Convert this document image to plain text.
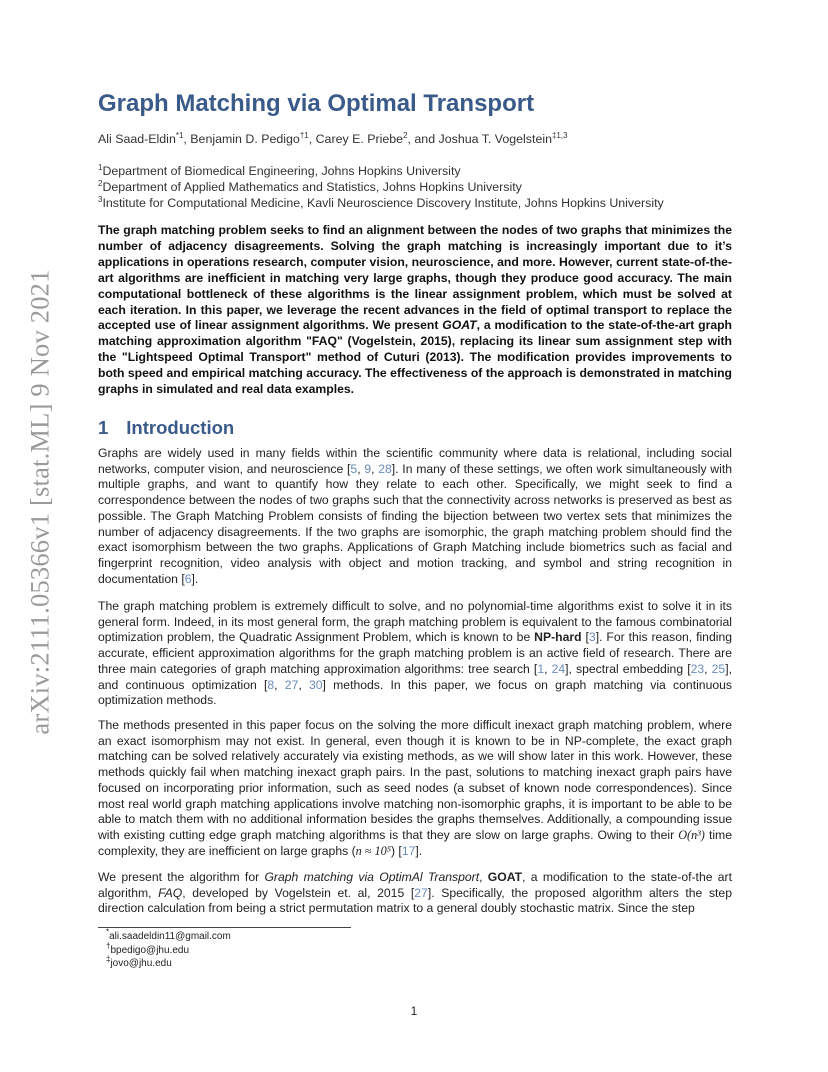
arXiv:2111.05366v1 [stat.ML] 9 Nov 2021
Graph Matching via Optimal Transport
Ali Saad-Eldin$^{*1}$, Benjamin D. Pedigo$^{\dagger 1}$, Carey E. Priebe$^2$, and Joshua T. Vogelstein$^{\ddagger 1,3}$
$^1$Department of Biomedical Engineering, Johns Hopkins University
$^2$Department of Applied Mathematics and Statistics, Johns Hopkins University
$^3$Institute for Computational Medicine, Kavli Neuroscience Discovery Institute, Johns Hopkins University

The graph matching problem seeks to find an alignment between the nodes of two graphs that minimizes the number of adjacency disagreements. Solving the graph matching is increasingly important due to it’s applications in operations research, computer vision, neuroscience, and more. However, current state-of-the-art algorithms are inefficient in matching very large graphs, though they produce good accuracy. The main computational bottleneck of these algorithms is the linear assignment problem, which must be solved at each iteration. In this paper, we leverage the recent advances in the field of optimal transport to replace the accepted use of linear assignment algorithms. We present GOAT, a modification to the state-of-the-art graph matching approximation algorithm "FAQ" (Vogelstein, 2015), replacing its linear sum assignment step with the "Lightspeed Optimal Transport" method of Cuturi (2013). The modification provides improvements to both speed and empirical matching accuracy. The effectiveness of the approach is demonstrated in matching graphs in simulated and real data examples.

1 Introduction

Graphs are widely used in many fields within the scientific community where data is relational, including social networks, computer vision, and neuroscience [5, 9, 28]. In many of these settings, we often work simultaneously with multiple graphs, and want to quantify how they relate to each other. Specifically, we might seek to find a correspondence between the nodes of two graphs such that the connectivity across networks is preserved as best as possible. The Graph Matching Problem consists of finding the bijection between two vertex sets that minimizes the number of adjacency disagreements. If the two graphs are isomorphic, the graph matching problem should find the exact isomorphism between the two graphs. Applications of Graph Matching include biometrics such as facial and fingerprint recognition, video analysis with object and motion tracking, and symbol and string recognition in documentation [6].

The graph matching problem is extremely difficult to solve, and no polynomial-time algorithms exist to solve it in its general form. Indeed, in its most general form, the graph matching problem is equivalent to the famous combinatorial optimization problem, the Quadratic Assignment Problem, which is known to be NP-hard [3]. For this reason, finding accurate, efficient approximation algorithms for the graph matching problem is an active field of research. There are three main categories of graph matching approximation algorithms: tree search [1, 24], spectral embedding [23, 25], and continuous optimization [8, 27, 30] methods. In this paper, we focus on graph matching via continuous optimization methods.

The methods presented in this paper focus on the solving the more difficult inexact graph matching problem, where an exact isomorphism may not exist. In general, even though it is known to be in NP-complete, the exact graph matching can be solved relatively accurately via existing methods, as we will show later in this work. However, these methods quickly fail when matching inexact graph pairs. In the past, solutions to matching inexact graph pairs have focused on incorporating prior information, such as seed nodes (a subset of known node correspondences). Since most real world graph matching applications involve matching non-isomorphic graphs, it is important to be able to be able to match them with no additional information besides the graphs themselves. Additionally, a compounding issue with existing cutting edge graph matching algorithms is that they are slow on large graphs. Owing to their O(n³) time complexity, they are inefficient on large graphs (n ≈ 10⁵) [17].

We present the algorithm for Graph matching via OptimAl Transport, GOAT, a modification to the state-of-the art algorithm, FAQ, developed by Vogelstein et. al, 2015 [27]. Specifically, the proposed algorithm alters the step direction calculation from being a strict permutation matrix to a general doubly stochastic matrix. Since the step

*ali.saadeldin11@gmail.com
†bpedigo@jhu.edu
‡jovo@jhu.edu
1
